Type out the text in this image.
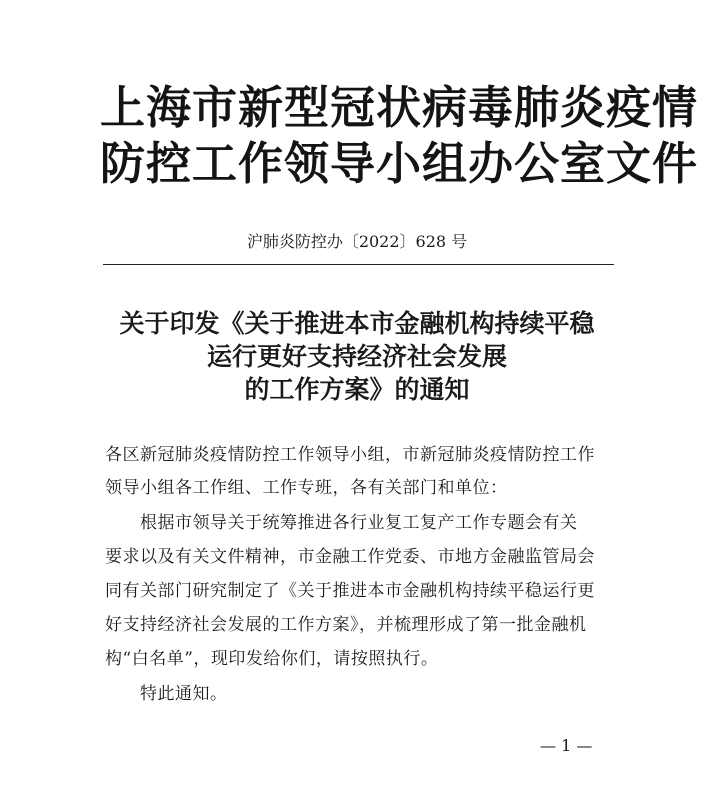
上海市新型冠状病毒肺炎疫情
防控工作领导小组办公室文件
沪肺炎防控办〔2022〕628 号
关于印发《关于推进本市金融机构持续平稳
运行更好支持经济社会发展
的工作方案》的通知
各区新冠肺炎疫情防控工作领导小组，市新冠肺炎疫情防控工作
领导小组各工作组、工作专班，各有关部门和单位：
根据市领导关于统筹推进各行业复工复产工作专题会有关
要求以及有关文件精神，市金融工作党委、市地方金融监管局会
同有关部门研究制定了《关于推进本市金融机构持续平稳运行更
好支持经济社会发展的工作方案》，并梳理形成了第一批金融机
构“白名单”，现印发给你们，请按照执行。
特此通知。
— 1 —
